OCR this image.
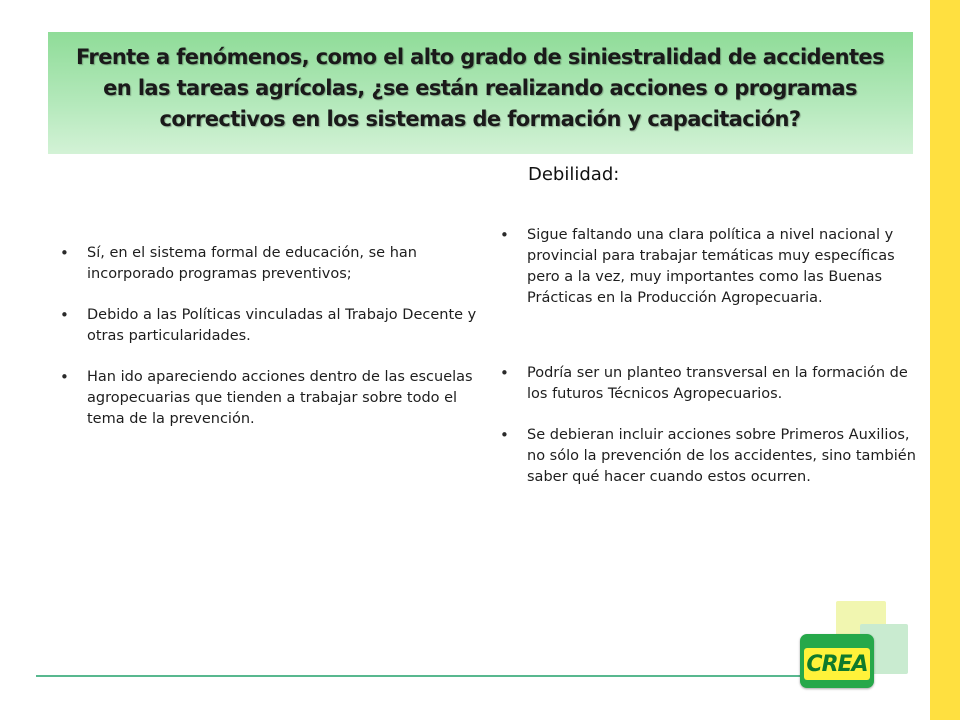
Frente a fenómenos, como el alto grado de siniestralidad de accidentes en las tareas agrícolas, ¿se están realizando acciones o programas correctivos en los sistemas de formación y capacitación?
Debilidad:
• Sí, en el sistema formal de educación, se han incorporado programas preventivos;
• Debido a las Políticas vinculadas al Trabajo Decente y otras particularidades.
• Han ido apareciendo acciones dentro de las escuelas agropecuarias que tienden a trabajar sobre todo el tema de la prevención.
• Sigue faltando una clara política a nivel nacional y provincial para trabajar temáticas muy específicas pero a la vez, muy importantes como las Buenas Prácticas en la Producción Agropecuaria.
• Podría ser un planteo transversal en la formación de los futuros Técnicos Agropecuarios.
• Se debieran incluir acciones sobre Primeros Auxilios, no sólo la prevención de los accidentes, sino también saber qué hacer cuando estos ocurren.
CREA
